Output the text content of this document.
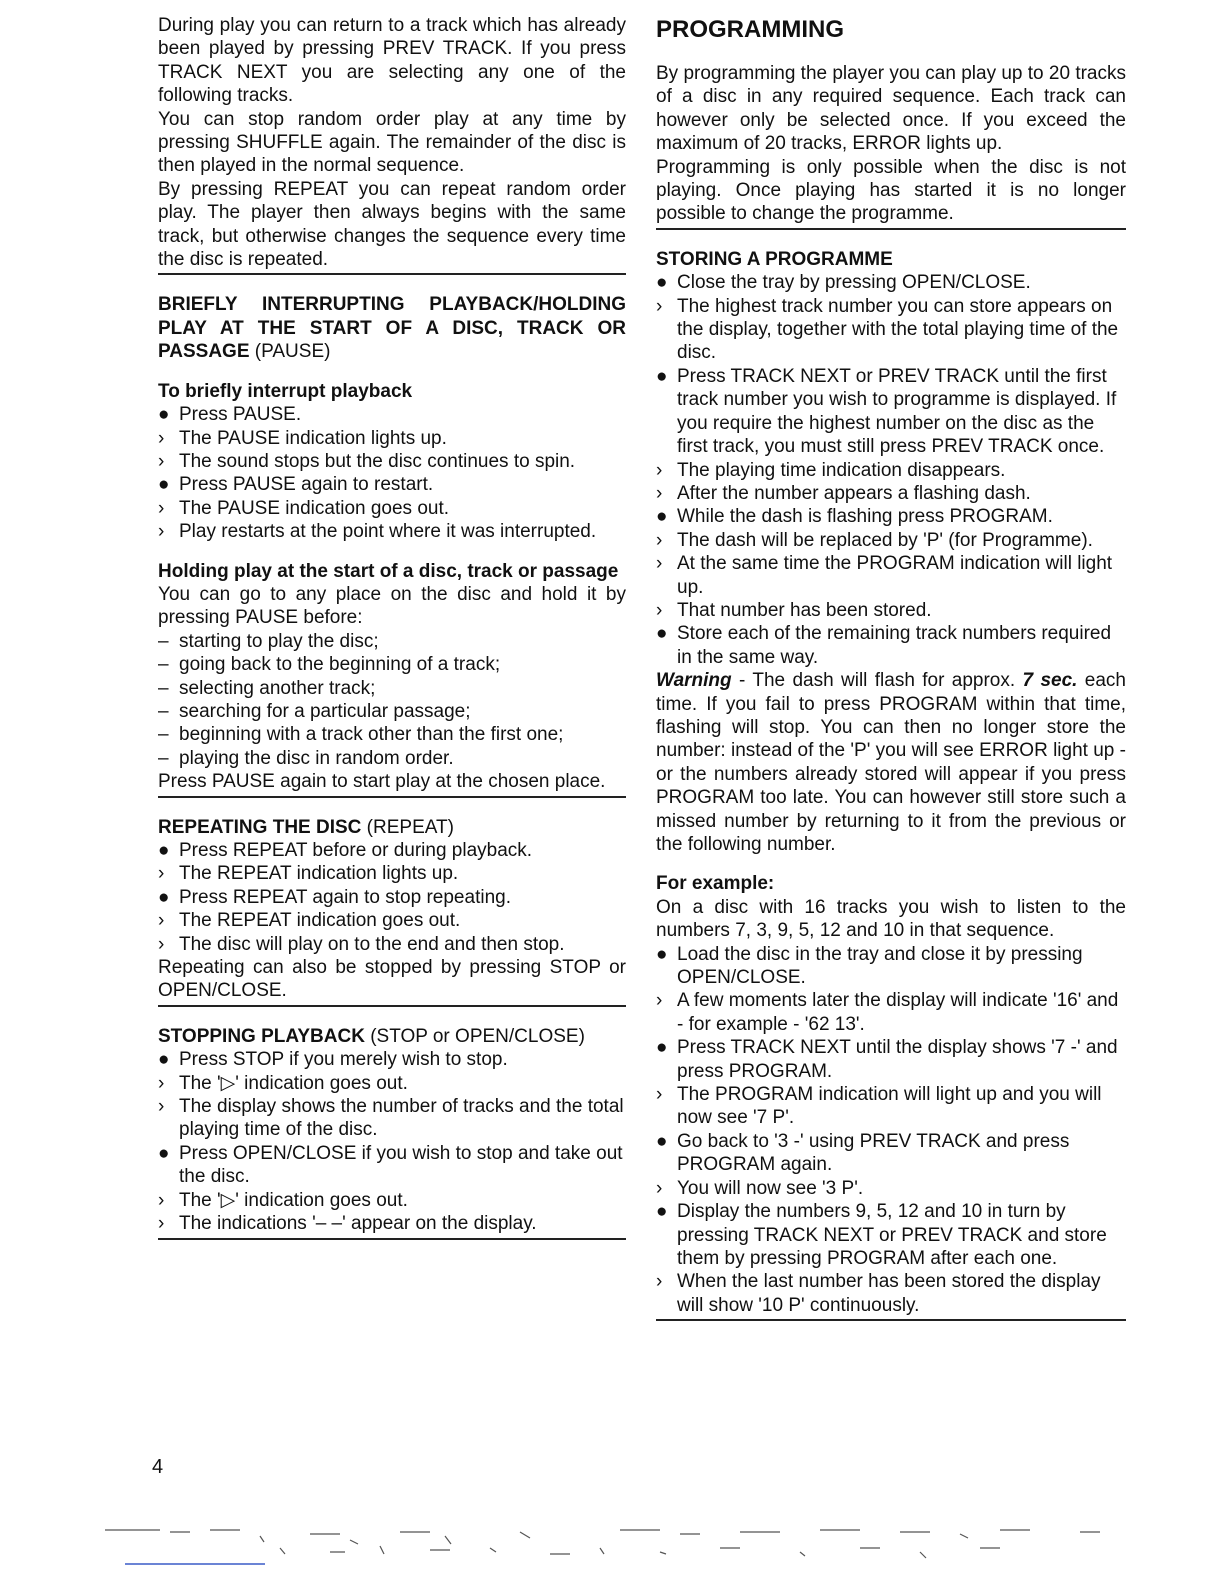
During play you can return to a track which has already been played by pressing PREV TRACK. If you press TRACK NEXT you are selecting any one of the following tracks.

You can stop random order play at any time by pressing SHUFFLE again. The remainder of the disc is then played in the normal sequence.

By pressing REPEAT you can repeat random order play. The player then always begins with the same track, but otherwise changes the sequence every time the disc is repeated.

BRIEFLY INTERRUPTING PLAYBACK/HOLDING PLAY AT THE START OF A DISC, TRACK OR PASSAGE (PAUSE)

To briefly interrupt playback

● Press PAUSE.
› The PAUSE indication lights up.
› The sound stops but the disc continues to spin.
● Press PAUSE again to restart.
› The PAUSE indication goes out.
› Play restarts at the point where it was interrupted.

Holding play at the start of a disc, track or passage

You can go to any place on the disc and hold it by pressing PAUSE before:

– starting to play the disc;
– going back to the beginning of a track;
– selecting another track;
– searching for a particular passage;
– beginning with a track other than the first one;
– playing the disc in random order.

Press PAUSE again to start play at the chosen place.

REPEATING THE DISC (REPEAT)

● Press REPEAT before or during playback.
› The REPEAT indication lights up.
● Press REPEAT again to stop repeating.
› The REPEAT indication goes out.
› The disc will play on to the end and then stop.

Repeating can also be stopped by pressing STOP or OPEN/CLOSE.

STOPPING PLAYBACK (STOP or OPEN/CLOSE)

● Press STOP if you merely wish to stop.
› The '▷' indication goes out.
› The display shows the number of tracks and the total playing time of the disc.
● Press OPEN/CLOSE if you wish to stop and take out the disc.
› The '▷' indication goes out.
› The indications '– –' appear on the display.
PROGRAMMING

By programming the player you can play up to 20 tracks of a disc in any required sequence. Each track can however only be selected once. If you exceed the maximum of 20 tracks, ERROR lights up.

Programming is only possible when the disc is not playing. Once playing has started it is no longer possible to change the programme.

STORING A PROGRAMME

● Close the tray by pressing OPEN/CLOSE.
› The highest track number you can store appears on the display, together with the total playing time of the disc.
● Press TRACK NEXT or PREV TRACK until the first track number you wish to programme is displayed. If you require the highest number on the disc as the first track, you must still press PREV TRACK once.
› The playing time indication disappears.
› After the number appears a flashing dash.
● While the dash is flashing press PROGRAM.
› The dash will be replaced by 'P' (for Programme).
› At the same time the PROGRAM indication will light up.
› That number has been stored.
● Store each of the remaining track numbers required in the same way.

Warning - The dash will flash for approx. 7 sec. each time. If you fail to press PROGRAM within that time, flashing will stop. You can then no longer store the number: instead of the 'P' you will see ERROR light up - or the numbers already stored will appear if you press PROGRAM too late. You can however still store such a missed number by returning to it from the previous or the following number.

For example:

On a disc with 16 tracks you wish to listen to the numbers 7, 3, 9, 5, 12 and 10 in that sequence.

● Load the disc in the tray and close it by pressing OPEN/CLOSE.
› A few moments later the display will indicate '16' and - for example - '62 13'.
● Press TRACK NEXT until the display shows '7 -' and press PROGRAM.
› The PROGRAM indication will light up and you will now see '7 P'.
● Go back to '3 -' using PREV TRACK and press PROGRAM again.
› You will now see '3 P'.
● Display the numbers 9, 5, 12 and 10 in turn by pressing TRACK NEXT or PREV TRACK and store them by pressing PROGRAM after each one.
› When the last number has been stored the display will show '10 P' continuously.
4
